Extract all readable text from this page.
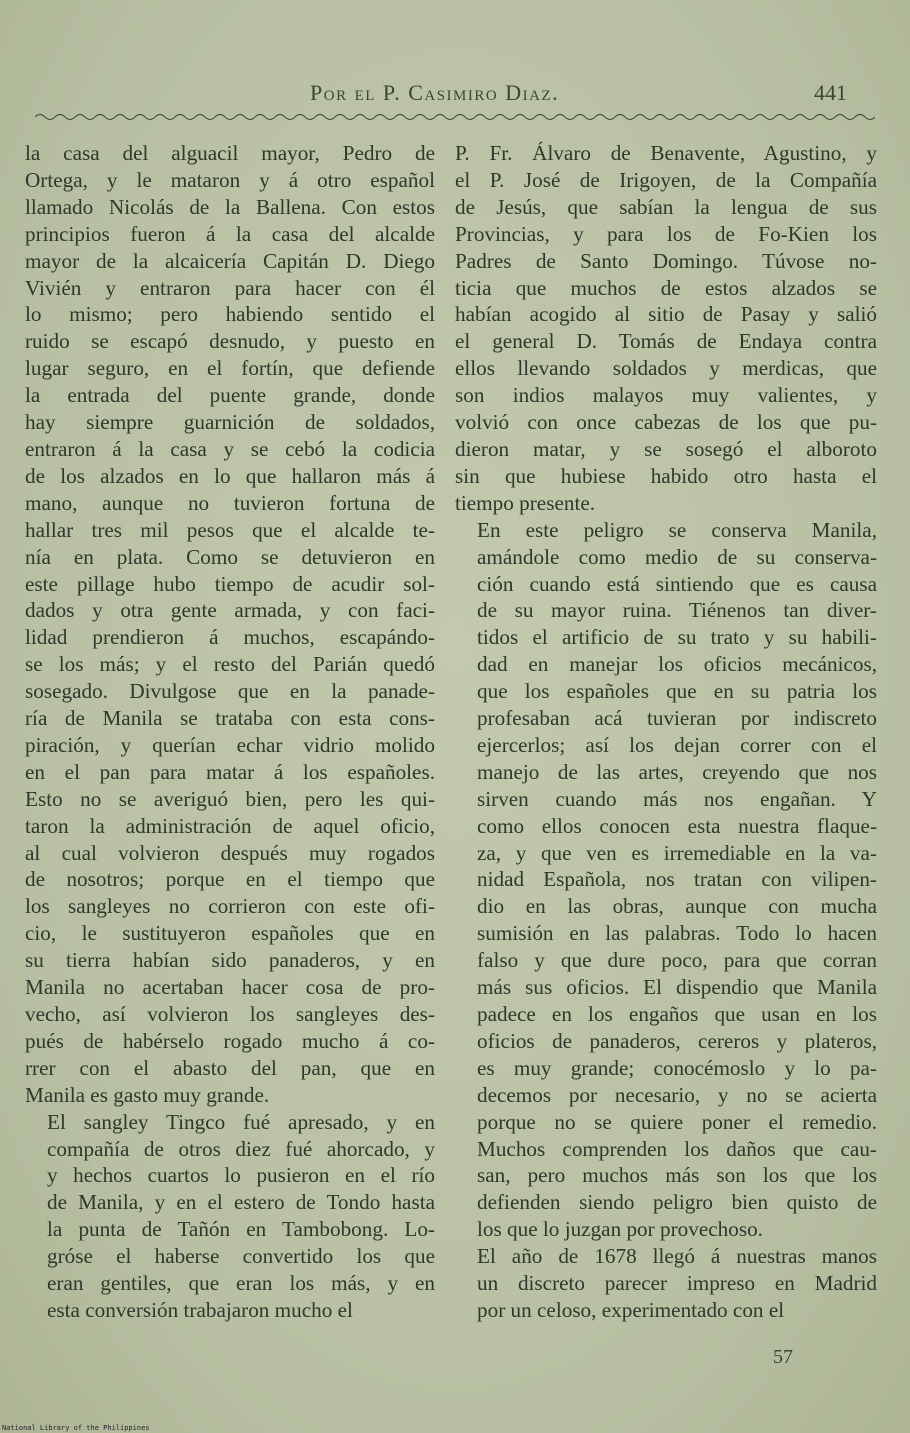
Por el P. Casimiro Diaz.	441

la casa del alguacil mayor, Pedro de
Ortega, y le mataron y á otro español
llamado Nicolás de la Ballena. Con estos
principios fueron á la casa del alcalde
mayor de la alcaicería Capitán D. Diego
Vivién y entraron para hacer con él
lo mismo; pero habiendo sentido el
ruido se escapó desnudo, y puesto en
lugar seguro, en el fortín, que defiende
la entrada del puente grande, donde
hay siempre guarnición de soldados,
entraron á la casa y se cebó la codicia
de los alzados en lo que hallaron más á
mano, aunque no tuvieron fortuna de
hallar tres mil pesos que el alcalde te-
nía en plata. Como se detuvieron en
este pillage hubo tiempo de acudir sol-
dados y otra gente armada, y con faci-
lidad prendieron á muchos, escapándo-
se los más; y el resto del Parián quedó
sosegado. Divulgose que en la panade-
ría de Manila se trataba con esta cons-
piración, y querían echar vidrio molido
en el pan para matar á los españoles.
Esto no se averiguó bien, pero les qui-
taron la administración de aquel oficio,
al cual volvieron después muy rogados
de nosotros; porque en el tiempo que
los sangleyes no corrieron con este ofi-
cio, le sustituyeron españoles que en
su tierra habían sido panaderos, y en
Manila no acertaban hacer cosa de pro-
vecho, así volvieron los sangleyes des-
pués de habérselo rogado mucho á co-
rrer con el abasto del pan, que en
Manila es gasto muy grande.

El sangley Tingco fué apresado, y en
compañía de otros diez fué ahorcado, y
y hechos cuartos lo pusieron en el río
de Manila, y en el estero de Tondo hasta
la punta de Tañón en Tambobong. Lo-
gróse el haberse convertido los que
eran gentiles, que eran los más, y en
esta conversión trabajaron mucho el

P. Fr. Álvaro de Benavente, Agustino, y
el P. José de Irigoyen, de la Compañía
de Jesús, que sabían la lengua de sus
Provincias, y para los de Fo-Kien los
Padres de Santo Domingo. Túvose no-
ticia que muchos de estos alzados se
habían acogido al sitio de Pasay y salió
el general D. Tomás de Endaya contra
ellos llevando soldados y merdicas, que
son indios malayos muy valientes, y
volvió con once cabezas de los que pu-
dieron matar, y se sosegó el alboroto
sin que hubiese habido otro hasta el
tiempo presente.

En este peligro se conserva Manila,
amándole como medio de su conserva-
ción cuando está sintiendo que es causa
de su mayor ruina. Tiénenos tan diver-
tidos el artificio de su trato y su habili-
dad en manejar los oficios mecánicos,
que los españoles que en su patria los
profesaban acá tuvieran por indiscreto
ejercerlos; así los dejan correr con el
manejo de las artes, creyendo que nos
sirven cuando más nos engañan. Y
como ellos conocen esta nuestra flaque-
za, y que ven es irremediable en la va-
nidad Española, nos tratan con vilipen-
dio en las obras, aunque con mucha
sumisión en las palabras. Todo lo hacen
falso y que dure poco, para que corran
más sus oficios. El dispendio que Manila
padece en los engaños que usan en los
oficios de panaderos, cereros y plateros,
es muy grande; conocémoslo y lo pa-
decemos por necesario, y no se acierta
porque no se quiere poner el remedio.
Muchos comprenden los daños que cau-
san, pero muchos más son los que los
defienden siendo peligro bien quisto de
los que lo juzgan por provechoso.

El año de 1678 llegó á nuestras manos
un discreto parecer impreso en Madrid
por un celoso, experimentado con el

57
National Library of the Philippines
